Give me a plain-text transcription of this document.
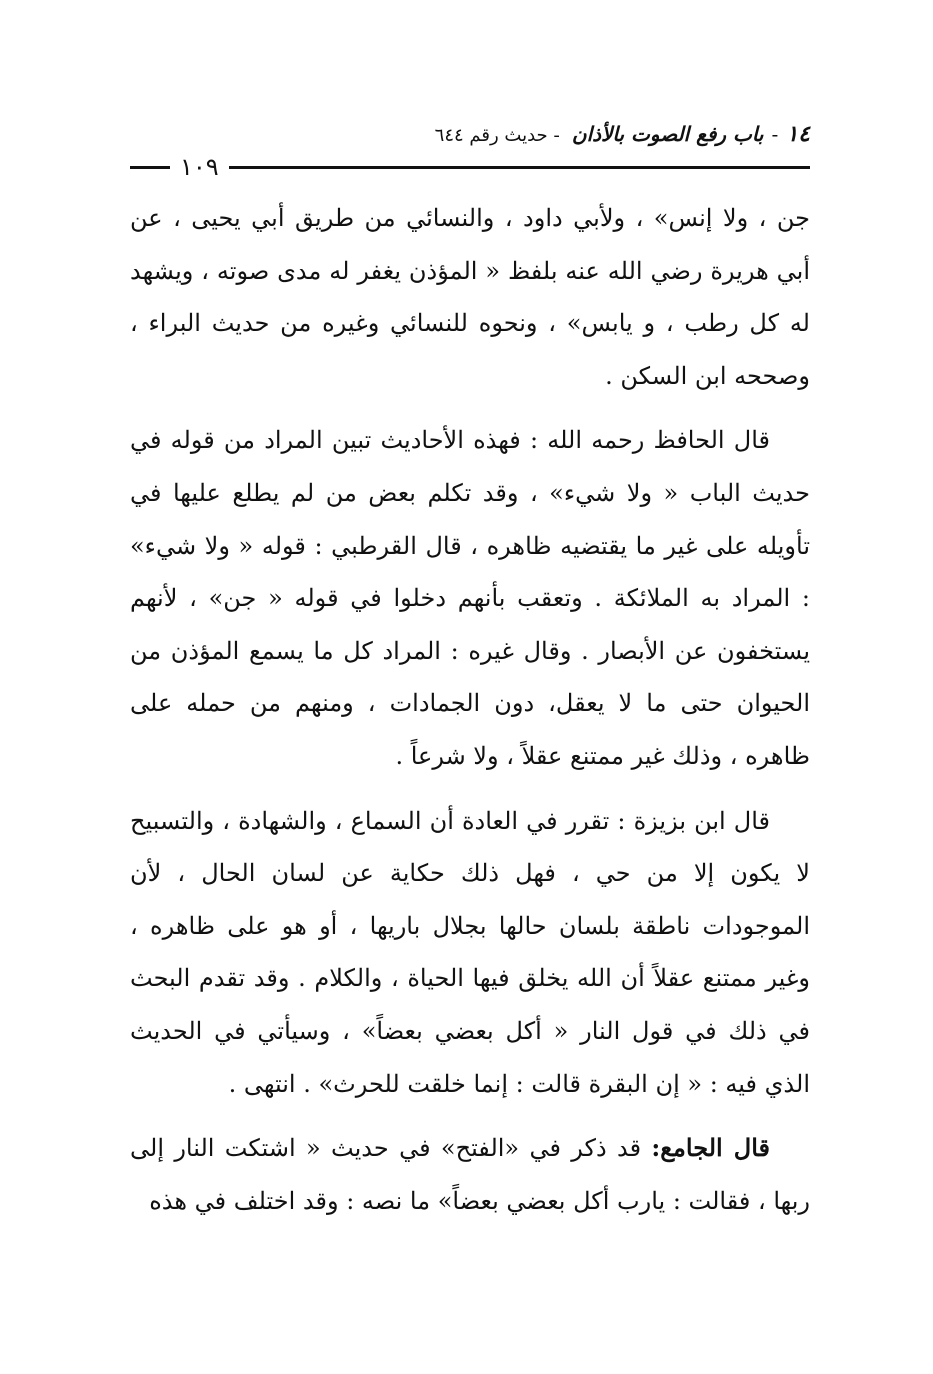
١٤
-
باب رفع الصوت بالأذان
- حديث رقم ٦٤٤
١٠٩

جن ، ولا إنس» ، ولأبي داود ، والنسائي من طريق أبي يحيى ، عن أبي هريرة رضي الله عنه بلفظ « المؤذن يغفر له مدى صوته ، ويشهد له كل رطب ، و يابس» ، ونحوه للنسائي وغيره من حديث البراء ، وصححه ابن السكن .

قال الحافظ رحمه الله : فهذه الأحاديث تبين المراد من قوله في حديث الباب « ولا شيء» ، وقد تكلم بعض من لم يطلع عليها في تأويله على غير ما يقتضيه ظاهره ، قال القرطبي : قوله « ولا شيء» : المراد به الملائكة . وتعقب بأنهم دخلوا في قوله « جن» ، لأنهم يستخفون عن الأبصار . وقال غيره : المراد كل ما يسمع المؤذن من الحيوان حتى ما لا يعقل، دون الجمادات ، ومنهم من حمله على ظاهره ، وذلك غير ممتنع عقلاً ، ولا شرعاً .

قال ابن بزيزة : تقرر في العادة أن السماع ، والشهادة ، والتسبيح لا يكون إلا من حي ، فهل ذلك حكاية عن لسان الحال ، لأن الموجودات ناطقة بلسان حالها بجلال باريها ، أو هو على ظاهره ، وغير ممتنع عقلاً أن الله يخلق فيها الحياة ، والكلام . وقد تقدم البحث في ذلك في قول النار « أكل بعضي بعضاً» ، وسيأتي في الحديث الذي فيه : « إن البقرة قالت : إنما خلقت للحرث» . انتهى .

قال الجامع: قد ذكر في «الفتح» في حديث « اشتكت النار إلى ربها ، فقالت : يارب أكل بعضي بعضاً» ما نصه : وقد اختلف في هذه
